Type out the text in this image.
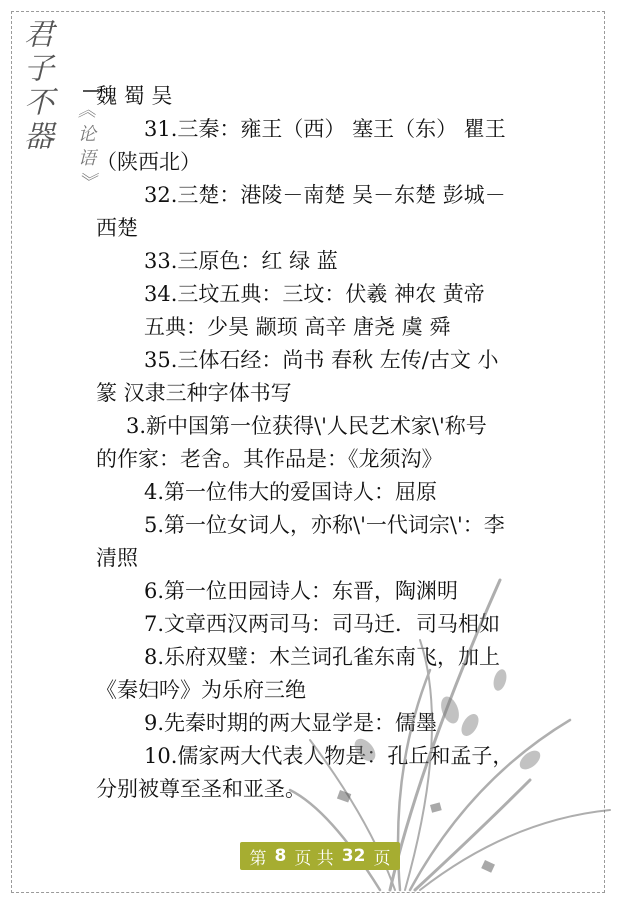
君子不器 《论语》

魏 蜀 吴

31.三秦：雍王（西） 塞王（东） 瞿王

（陕西北）

32.三楚：港陵－南楚 吴－东楚 彭城－

西楚

33.三原色：红 绿 蓝

34.三坟五典：三坟：伏羲 神农 黄帝

五典：少昊 颛顼 高辛 唐尧 虞 舜

35.三体石经：尚书 春秋 左传/古文 小

篆 汉隶三种字体书写

3.新中国第一位获得\'人民艺术家\'称号

的作家：老舍。其作品是：《龙须沟》

4.第一位伟大的爱国诗人：屈原

5.第一位女词人，亦称\'一代词宗\'：李

清照

6.第一位田园诗人：东晋，陶渊明

7.文章西汉两司马：司马迁．司马相如

8.乐府双璧：木兰词孔雀东南飞，加上

《秦妇吟》为乐府三绝

9.先秦时期的两大显学是：儒墨

10.儒家两大代表人物是：孔丘和孟子，

分别被尊至圣和亚圣。

第 8 页 共 32 页
